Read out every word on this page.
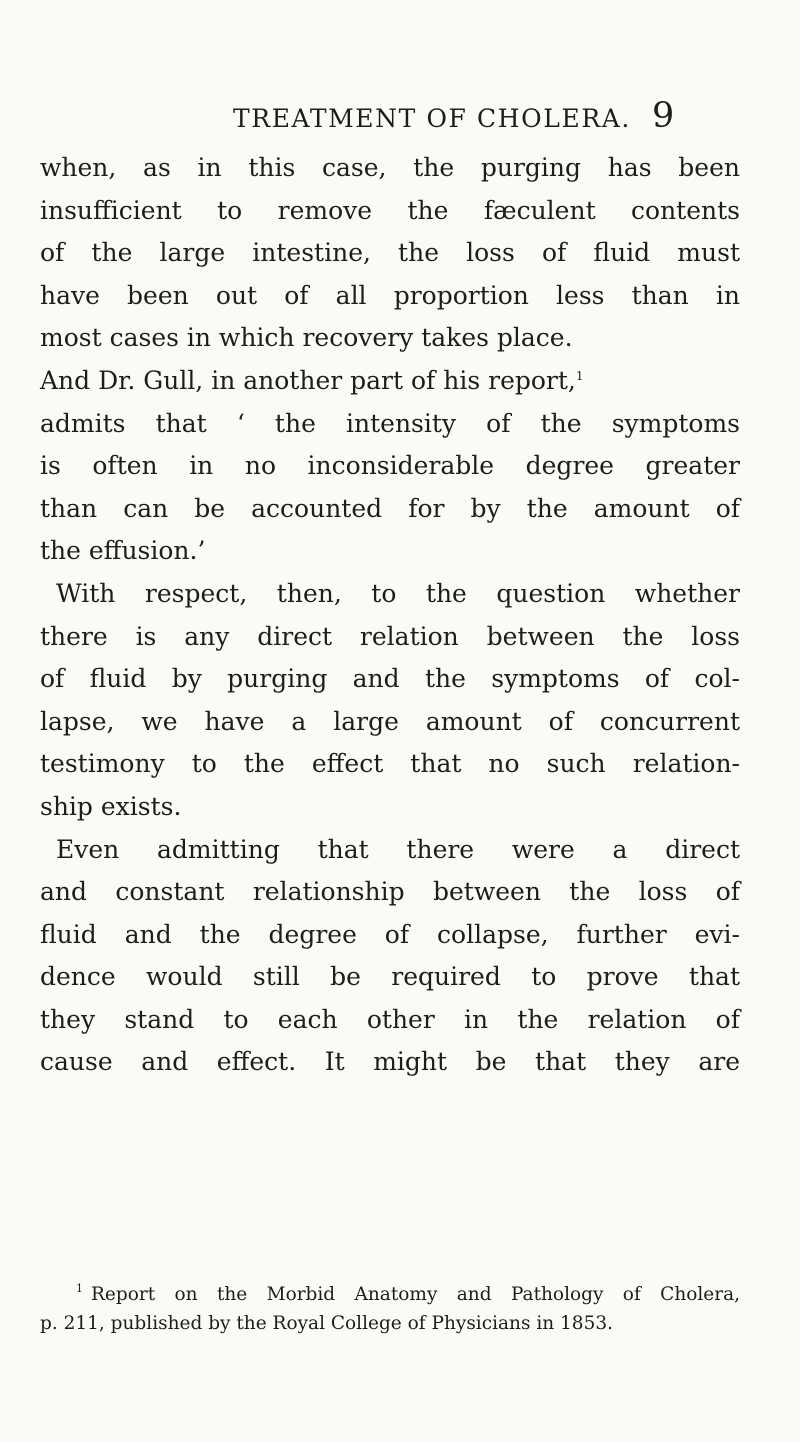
TREATMENT OF CHOLERA. 9
when, as in this case, the purging has been
insufficient to remove the fæculent contents
of the large intestine, the loss of fluid must
have been out of all proportion less than in
most cases in which recovery takes place.
And Dr. Gull, in another part of his report,$^1$
admits that ‘ the intensity of the symptoms
is often in no inconsiderable degree greater
than can be accounted for by the amount of
the effusion.’
With respect, then, to the question whether
there is any direct relation between the loss
of fluid by purging and the symptoms of col-
lapse, we have a large amount of concurrent
testimony to the effect that no such relation-
ship exists.
Even admitting that there were a direct
and constant relationship between the loss of
fluid and the degree of collapse, further evi-
dence would still be required to prove that
they stand to each other in the relation of
cause and effect. It might be that they are
$^1$ Report on the Morbid Anatomy and Pathology of Cholera,
p. 211, published by the Royal College of Physicians in 1853.
